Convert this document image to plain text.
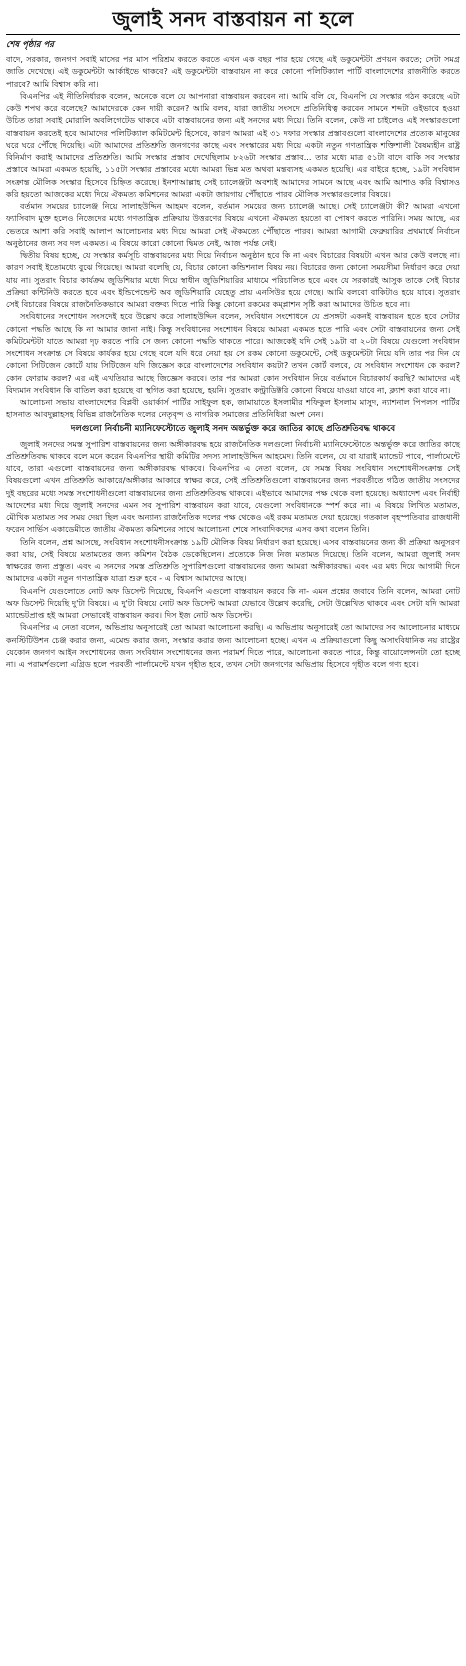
জুলাই সনদ বাস্তবায়ন না হলে
শেষ পৃষ্ঠার পর

বাদে, সরকার, জনগণ সবাই মাসের পর মাস পরিশ্রম করতে করতে এখন এক বছর পার হয়ে গেছে এই ডকুমেন্টটা প্রণয়ন করতে; সেটা সমগ্র জাতি দেখেছে। এই ডকুমেন্টটা আর্কাইভে থাকবে? এই ডকুমেন্টটা বাস্তবায়ন না করে কোনো পলিটিক্যাল পার্টি বাংলাদেশের রাজনীতি করতে পারবে? আমি বিশ্বাস করি না।

বিএনপির এই নীতিনির্ধারক বলেন, অনেকে বলে যে আপনারা বাস্তবায়ন করবেন না। আমি বলি যে, বিএনপি যে সংস্কার গঠন করেছে এটা কেউ শপথ করে বলেছে? আমাদেরকে কেন দায়ী করেন? আমি বলব, যারা জাতীয় সংসদে প্রতিনিধিত্ব করবেন সামনে শব্দটা ওইভাবে হওয়া উচিত তারা সবাই মোরালি অবলিগেটেড থাকবে এটা বাস্তবায়নের জন্য এই সনদের মধ্য দিয়ে। তিনি বলেন, কেউ না চাইলেও এই সংস্কারগুলো বাস্তবায়ন করতেই হবে আমাদের পলিটিক্যাল কমিটমেন্ট হিসেবে, কারণ আমরা এই ৩১ দফার সংস্কার প্রস্তাবগুলো বাংলাদেশের প্রত্যেক মানুষের ঘরে ঘরে পৌঁছে দিয়েছি। এটা আমাদের প্রতিশ্রুতি জনগণের কাছে এবং সংস্কারের মধ্য দিয়ে একটা নতুন গণতান্ত্রিক শক্তিশালী বৈষম্যহীন রাষ্ট্র বিনির্মাণ করাই আমাদের প্রতিশ্রুতি। আমি সংস্কার প্রস্তাব দেখেছিলাম ৮২৬টা সংস্কার প্রস্তাব... তার মধ্যে মাত্র ৫১টা বাদে বাকি সব সংস্কার প্রস্তাবে আমরা একমত হয়েছি, ১১৫টা সংস্কার প্রস্তাবের মধ্যে আমরা ভিন্ন মত অথবা মন্তব্যসহ একমত হয়েছি। এর বাইরে হচ্ছে, ১৯টা সংবিধান সংক্রান্ত মৌলিক সংস্কার হিসেবে চিহ্নিত করেছে। ইনশাআল্লাহ সেই চ্যালেঞ্জটা অবশ্যই আমাদের সামনে আছে এবং আমি আশাও করি বিশ্বাসও করি হয়তো আজকের মধ্যে দিয়ে ঐকমত্য কমিশনের আমরা একটা জায়গায় পৌঁছাতে পারব মৌলিক সংস্কারগুলোর বিষয়ে।

বর্তমান সময়ের চ্যালেঞ্জ নিয়ে সালাহউদ্দিন আহমদ বলেন, বর্তমান সময়ের জন্য চ্যালেঞ্জ আছে। সেই চ্যালেঞ্জটা কী? আমরা এখনো ফ্যাসিবাদ মুক্ত হলেও নিজেদের মধ্যে গণতান্ত্রিক প্রক্রিয়ায় উত্তরণের বিষয়ে এখনো ঐকমত্য হয়তো বা পোষণ করতে পারিনি। সময় আছে, এর ভেতরে আশা করি সবাই আলাপ আলোচনার মধ্য দিয়ে আমরা সেই ঐকমত্যে পৌঁছাতে পারব। আমরা আগামী ফেব্রুয়ারির প্রথমার্ধে নির্বাচন অনুষ্ঠানের জন্য সব দল একমত। এ বিষয়ে কারো কোনো দ্বিমত নেই, আজ পর্যন্ত নেই।

দ্বিতীয় বিষয় হচ্ছে, যে সংস্কার কর্মসূচি বাস্তবায়নের মধ্য দিয়ে নির্বাচন অনুষ্ঠান হবে কি না এবং বিচারের বিষয়টা এখন আর কেউ বলছে না। কারণ সবাই ইতোমধ্যে বুঝে গিয়েছে। আমরা বলেছি যে, বিচার কোনো কন্ডিশনাল বিষয় নয়। বিচারের জন্য কোনো সময়সীমা নির্ধারণ করে দেয়া যায় না। সুতরাং বিচার কার্যক্রম জুডিশিয়ার মধ্যে দিয়ে স্বাধীন জুডিশিয়ারির মাধ্যমে পরিচালিত হবে এবং যে সরকারই আসুক তাকে সেই বিচার প্রক্রিয়া কন্টিনিউ করতে হবে এবং ইন্ডিপেন্ডেন্ট অব জুডিশিয়ারি যেহেতু প্রায় এনসিউর হয়ে গেছে। আমি বলবো বাকিটাও হয়ে যাবে। সুতরাং সেই বিচারের বিষয়ে রাজনৈতিকভাবে আমরা বক্তব্য দিতে পারি কিন্তু কোনো রকমের কম্প্লাশন সৃষ্টি করা আমাদের উচিত হবে না।

সংবিধানের সংশোধন সংসদেই হবে উল্লেখ করে সালাহউদ্দিন বলেন, সংবিধান সংশোধনে যে প্রসঙ্গটা একনই বাস্তবায়ন হতে হবে সেটার কোনো পদ্ধতি আছে কি না আমার জানা নাই। কিন্তু সংবিধানের সংশোধন বিষয়ে আমরা একমত হতে পারি এবং সেটা বাস্তবায়নের জন্য সেই কমিটমেন্টটা যাতে আমরা দৃঢ় করতে পারি সে জন্য কোনো পদ্ধতি থাকতে পারে। আজকেই যদি সেই ১৯টা বা ২০টা বিষয়ে যেগুলো সংবিধান সংশোধন সংক্রান্ত সে বিষয়ে কার্যকর হয়ে গেছে বলে যদি ধরে নেয়া হয় সে রকম কোনো ডকুমেন্টে, সেই ডকুমেন্টটা নিয়ে যদি তার পর দিন যে কোনো সিটিজেন কোর্টে যায় সিটিজেন যদি জিজ্ঞেস করে বাংলাদেশের সংবিধান কয়টা? তখন কোর্ট বলবে, যে সংবিধান সংশোধন কে করল? কোন ফোরাম করল? এর এই এখতিয়ার আছে জিজ্ঞেস করবে। তার পর আমরা কোন সংবিধান নিয়ে বর্তমানে বিচারকার্য করছি? আমাদের এই বিদ্যমান সংবিধান কি বাতিল করা হয়েছে বা স্থগিত করা হয়েছে, হয়নি। সুতরাং কন্ট্রাডিক্টরি কোনো বিষয়ে যাওয়া যাবে না, ক্ল্যাশ করা যাবে না।

আলোচনা সভায় বাংলাদেশের বিপ্লবী ওয়ার্কার্স পার্টির সাইফুল হক, জামায়াতে ইসলামীর শফিকুল ইসলাম মাসুদ, ন্যাশনাল পিপলস পার্টির হাসনাত আবদুল্লাহসহ বিভিন্ন রাজনৈতিক দলের নেতৃবৃন্দ ও নাগরিক সমাজের প্রতিনিধিরা অংশ নেন।

দলগুলো নির্বাচনী ম্যানিফেস্টোতে জুলাই সনদ অন্তর্ভুক্ত করে জাতির কাছে প্রতিশ্রুতিবদ্ধ থাকবে

জুলাই সনদের সমস্ত সুপারিশ বাস্তবায়নের জন্য অঙ্গীকারবদ্ধ হয়ে রাজনৈতিক দলগুলো নির্বাচনী ম্যানিফেস্টোতে অন্তর্ভুক্ত করে জাতির কাছে প্রতিশ্রুতিবদ্ধ থাকবে বলে মনে করেন বিএনপির স্থায়ী কমিটির সদস্য সালাহউদ্দিন আহমেদ। তিনি বলেন, যে বা যারাই ম্যান্ডেট পাবে, পার্লামেন্টে যাবে, তারা এগুলো বাস্তবায়নের জন্য অঙ্গীকারবদ্ধ থাকবে। বিএনপির এ নেতা বলেন, যে সমস্ত বিষয় সংবিধান সংশোধনীসংক্রান্ত সেই বিষয়গুলো এখন প্রতিশ্রুতি আকারে/অঙ্গীকার আকারে স্বাক্ষর করে, সেই প্রতিশ্রুতিগুলো বাস্তবায়নের জন্য পরবর্তীতে গঠিত জাতীয় সংসদের দুই বছরের মধ্যে সমস্ত সংশোধনীগুলো বাস্তবায়নের জন্য প্রতিশ্রুতিবদ্ধ থাকবে। এইভাবে আমাদের পক্ষ থেকে বলা হয়েছে। অধ্যাদেশ এবং নির্বাহী আদেশের মধ্য দিয়ে জুলাই সনদের এমন সব সুপারিশ বাস্তবায়ন করা যাবে, যেগুলো সংবিধানকে স্পর্শ করে না। এ বিষয়ে লিখিত মতামত, মৌখিক মতামত সব সময় দেয়া ছিল এবং অন্যান্য রাজনৈতিক দলের পক্ষ থেকেও এই রকম মতামত দেয়া হয়েছে। গতকাল বৃহস্পতিবার রাজধানী ফরেন সার্ভিস একাডেমীতে জাতীয় ঐকমত্য কমিশনের সাথে আলোচনা শেষে সাংবাদিকদের এসব কথা বলেন তিনি।

তিনি বলেন, প্রশ্ন আসছে, সংবিধান সংশোধনীসংক্রান্ত ১৯টি মৌলিক বিষয় নির্ধারণ করা হয়েছে। এসব বাস্তবায়নের জন্য কী প্রক্রিয়া অনুসরণ করা যায়, সেই বিষয়ে মতামতের জন্য কমিশন বৈঠক ডেকেছিলেন। প্রত্যেকে নিজ নিজ মতামত দিয়েছে। তিনি বলেন, আমরা জুলাই সনদ স্বাক্ষরের জন্য প্রস্তুত। এবং এ সনদের সমস্ত প্রতিশ্রুতি সুপারিশগুলো বাস্তবায়নের জন্য আমরা অঙ্গীকারবদ্ধ। এবং এর মধ্য দিয়ে আগামী দিনে আমাদের একটা নতুন গণতান্ত্রিক যাত্রা শুরু হবে - এ বিশ্বাস আমাদের আছে।

বিএনপি যেগুলোতে নোট অফ ডিসেন্ট দিয়েছে, বিএনপি এগুলো বাস্তবায়ন করবে কি না- এমন প্রশ্নের জবাবে তিনি বলেন, আমরা নোট অফ ডিসেন্ট দিয়েছি দু'টা বিষয়ে। এ দু'টা বিষয়ে নোট অফ ডিসেন্ট আমরা যেভাবে উল্লেখ করেছি, সেটা উল্লেখিত থাকবে এবং সেটা যদি আমরা ম্যান্ডেটপ্রাপ্ত হই আমরা সেভাবেই বাস্তবায়ন করব। দিস ইজ নোট অফ ডিসেন্ট।

বিএনপির এ নেতা বলেন, অভিপ্রায় অনুসারেই তো আমরা আলোচনা করছি। এ অভিপ্রায় অনুসারেই তো আমাদের সব আলোচনার মাধ্যমে কনস্টিটিউশন চেঞ্জ করার জন্য, এমেন্ড করার জন্য, সংস্কার করার জন্য আলোচনা হচ্ছে। এখন এ প্রক্রিয়াগুলো কিছু অসাংবিধানিক নয় রাষ্ট্রের যেকোন জনগণ আইন সংশোধনের জন্য সংবিধান সংশোধনের জন্য পরামর্শ দিতে পারে, আলোচনা করতে পারে, কিন্তু বায়োলেন্সনটা তো হচ্ছে না। এ পরামর্শগুলো এগ্রিড হলে পরবর্তী পার্লামেন্টে যখন গৃহীত হবে, তখন সেটা জনগণের অভিপ্রায় হিসেবে গৃহীত বলে গণ্য হবে।
